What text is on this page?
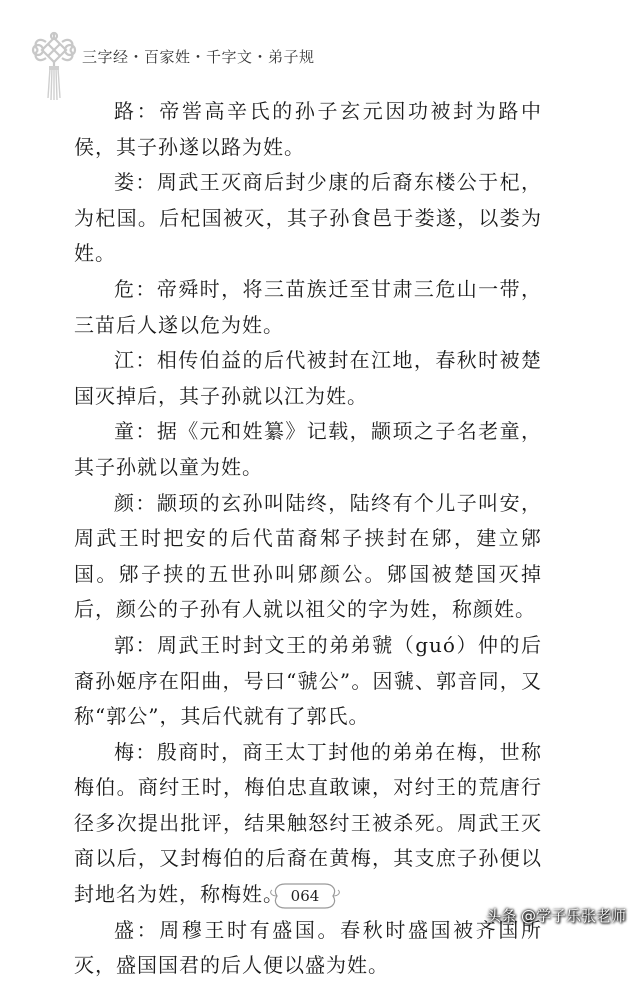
三字经・百家姓・千字文・弟子规

路：帝喾高辛氏的孙子玄元因功被封为路中侯，其子孙遂以路为姓。

娄：周武王灭商后封少康的后裔东楼公于杞，为杞国。后杞国被灭，其子孙食邑于娄遂，以娄为姓。

危：帝舜时，将三苗族迁至甘肃三危山一带，三苗后人遂以危为姓。

江：相传伯益的后代被封在江地，春秋时被楚国灭掉后，其子孙就以江为姓。

童：据《元和姓纂》记载，颛顼之子名老童，其子孙就以童为姓。

颜：颛顼的玄孙叫陆终，陆终有个儿子叫安，周武王时把安的后代苗裔邾子挟封在郳，建立郳国。郳子挟的五世孙叫郳颜公。郳国被楚国灭掉后，颜公的子孙有人就以祖父的字为姓，称颜姓。

郭：周武王时封文王的弟弟虢（guó）仲的后裔孙姬序在阳曲，号曰“虢公”。因虢、郭音同，又称“郭公”，其后代就有了郭氏。

梅：殷商时，商王太丁封他的弟弟在梅，世称梅伯。商纣王时，梅伯忠直敢谏，对纣王的荒唐行径多次提出批评，结果触怒纣王被杀死。周武王灭商以后，又封梅伯的后裔在黄梅，其支庶子孙便以封地名为姓，称梅姓。

盛：周穆王时有盛国。春秋时盛国被齐国所灭，盛国国君的后人便以盛为姓。

064
头条 @学子乐张老师
